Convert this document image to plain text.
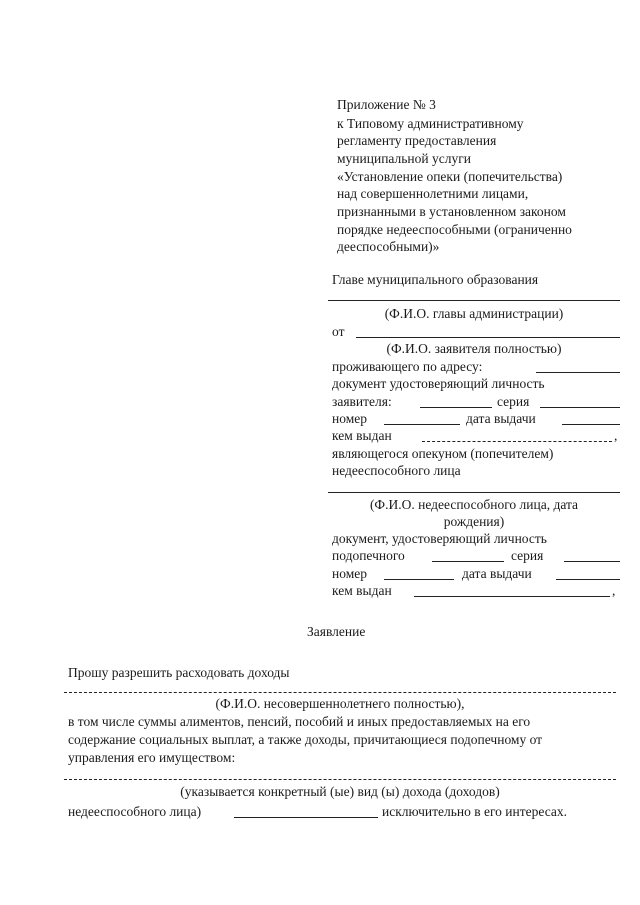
Приложение № 3
к Типовому административному
регламенту предоставления
муниципальной услуги
«Установление опеки (попечительства)
над совершеннолетними лицами,
признанными в установленном законом
порядке недееспособными (ограниченно
дееспособными)»
Главе муниципального образования
(Ф.И.О. главы администрации)
от
(Ф.И.О. заявителя полностью)
проживающего по адресу:
документ удостоверяющий личность
заявителя:	серия
номер	дата выдачи
кем выдан	,
являющегося опекуном (попечителем)
недееспособного лица
(Ф.И.О. недееспособного лица, дата
рождения)
документ, удостоверяющий личность
подопечного	серия
номер	дата выдачи
кем выдан	,
Заявление
Прошу разрешить расходовать доходы
(Ф.И.О. несовершеннолетнего полностью),
в том числе суммы алиментов, пенсий, пособий и иных предоставляемых на его
содержание социальных выплат, а также доходы, причитающиеся подопечному от
управления его имуществом:
(указывается конкретный (ые) вид (ы) дохода (доходов)
недееспособного лица)	исключительно в его интересах.
